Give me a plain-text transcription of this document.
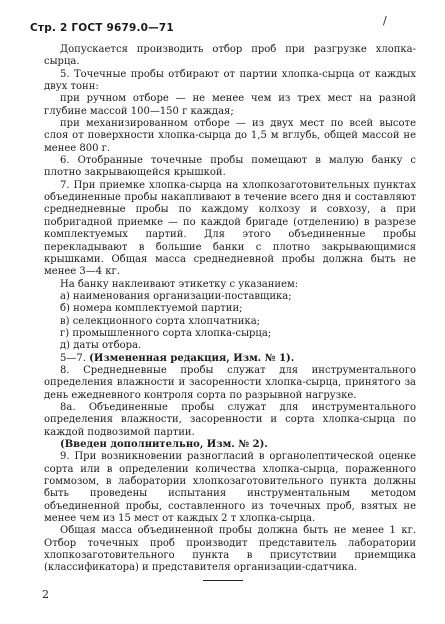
Стр. 2 ГОСТ 9679.0—71
/

Допускается производить отбор проб при разгрузке хлопка-сырца.

5. Точечные пробы отбирают от партии хлопка-сырца от каждых двух тонн:

при ручном отборе — не менее чем из трех мест на разной глубине массой 100—150 г каждая;

при механизированном отборе — из двух мест по всей высоте слоя от поверхности хлопка-сырца до 1,5 м вглубь, общей массой не менее 800 г.

6. Отобранные точечные пробы помещают в малую банку с плотно закрывающейся крышкой.

7. При приемке хлопка-сырца на хлопкозаготовительных пунктах объединенные пробы накапливают в течение всего дня и составляют среднедневные пробы по каждому колхозу и совхозу, а при побригадной приемке — по каждой бригаде (отделению) в разрезе комплектуемых партий. Для этого объединенные пробы перекладывают в большие банки с плотно закрывающимися крышками. Общая масса среднедневной пробы должна быть не менее 3—4 кг.

На банку наклеивают этикетку с указанием:

а) наименования организации-поставщика;

б) номера комплектуемой партии;

в) селекционного сорта хлопчатника;

г) промышленного сорта хлопка-сырца;

д) даты отбора.

5—7. (Измененная редакция, Изм. № 1).

8. Среднедневные пробы служат для инструментального определения влажности и засоренности хлопка-сырца, принятого за день ежедневного контроля сорта по разрывной нагрузке.

8а. Объединенные пробы служат для инструментального определения влажности, засоренности и сорта хлопка-сырца по каждой подвозимой партии.

(Введен дополнительно, Изм. № 2).

9. При возникновении разногласий в органолептической оценке сорта или в определении количества хлопка-сырца, пораженного гоммозом, в лаборатории хлопкозаготовительного пункта должны быть проведены испытания инструментальным методом объединенной пробы, составленного из точечных проб, взятых не менее чем из 15 мест от каждых 2 т хлопка-сырца.

Общая масса объединенной пробы должна быть не менее 1 кг. Отбор точечных проб производит представитель лаборатории хлопкозаготовительного пункта в присутствии приемщика (классификатора) и представителя организации-сдатчика.

2
